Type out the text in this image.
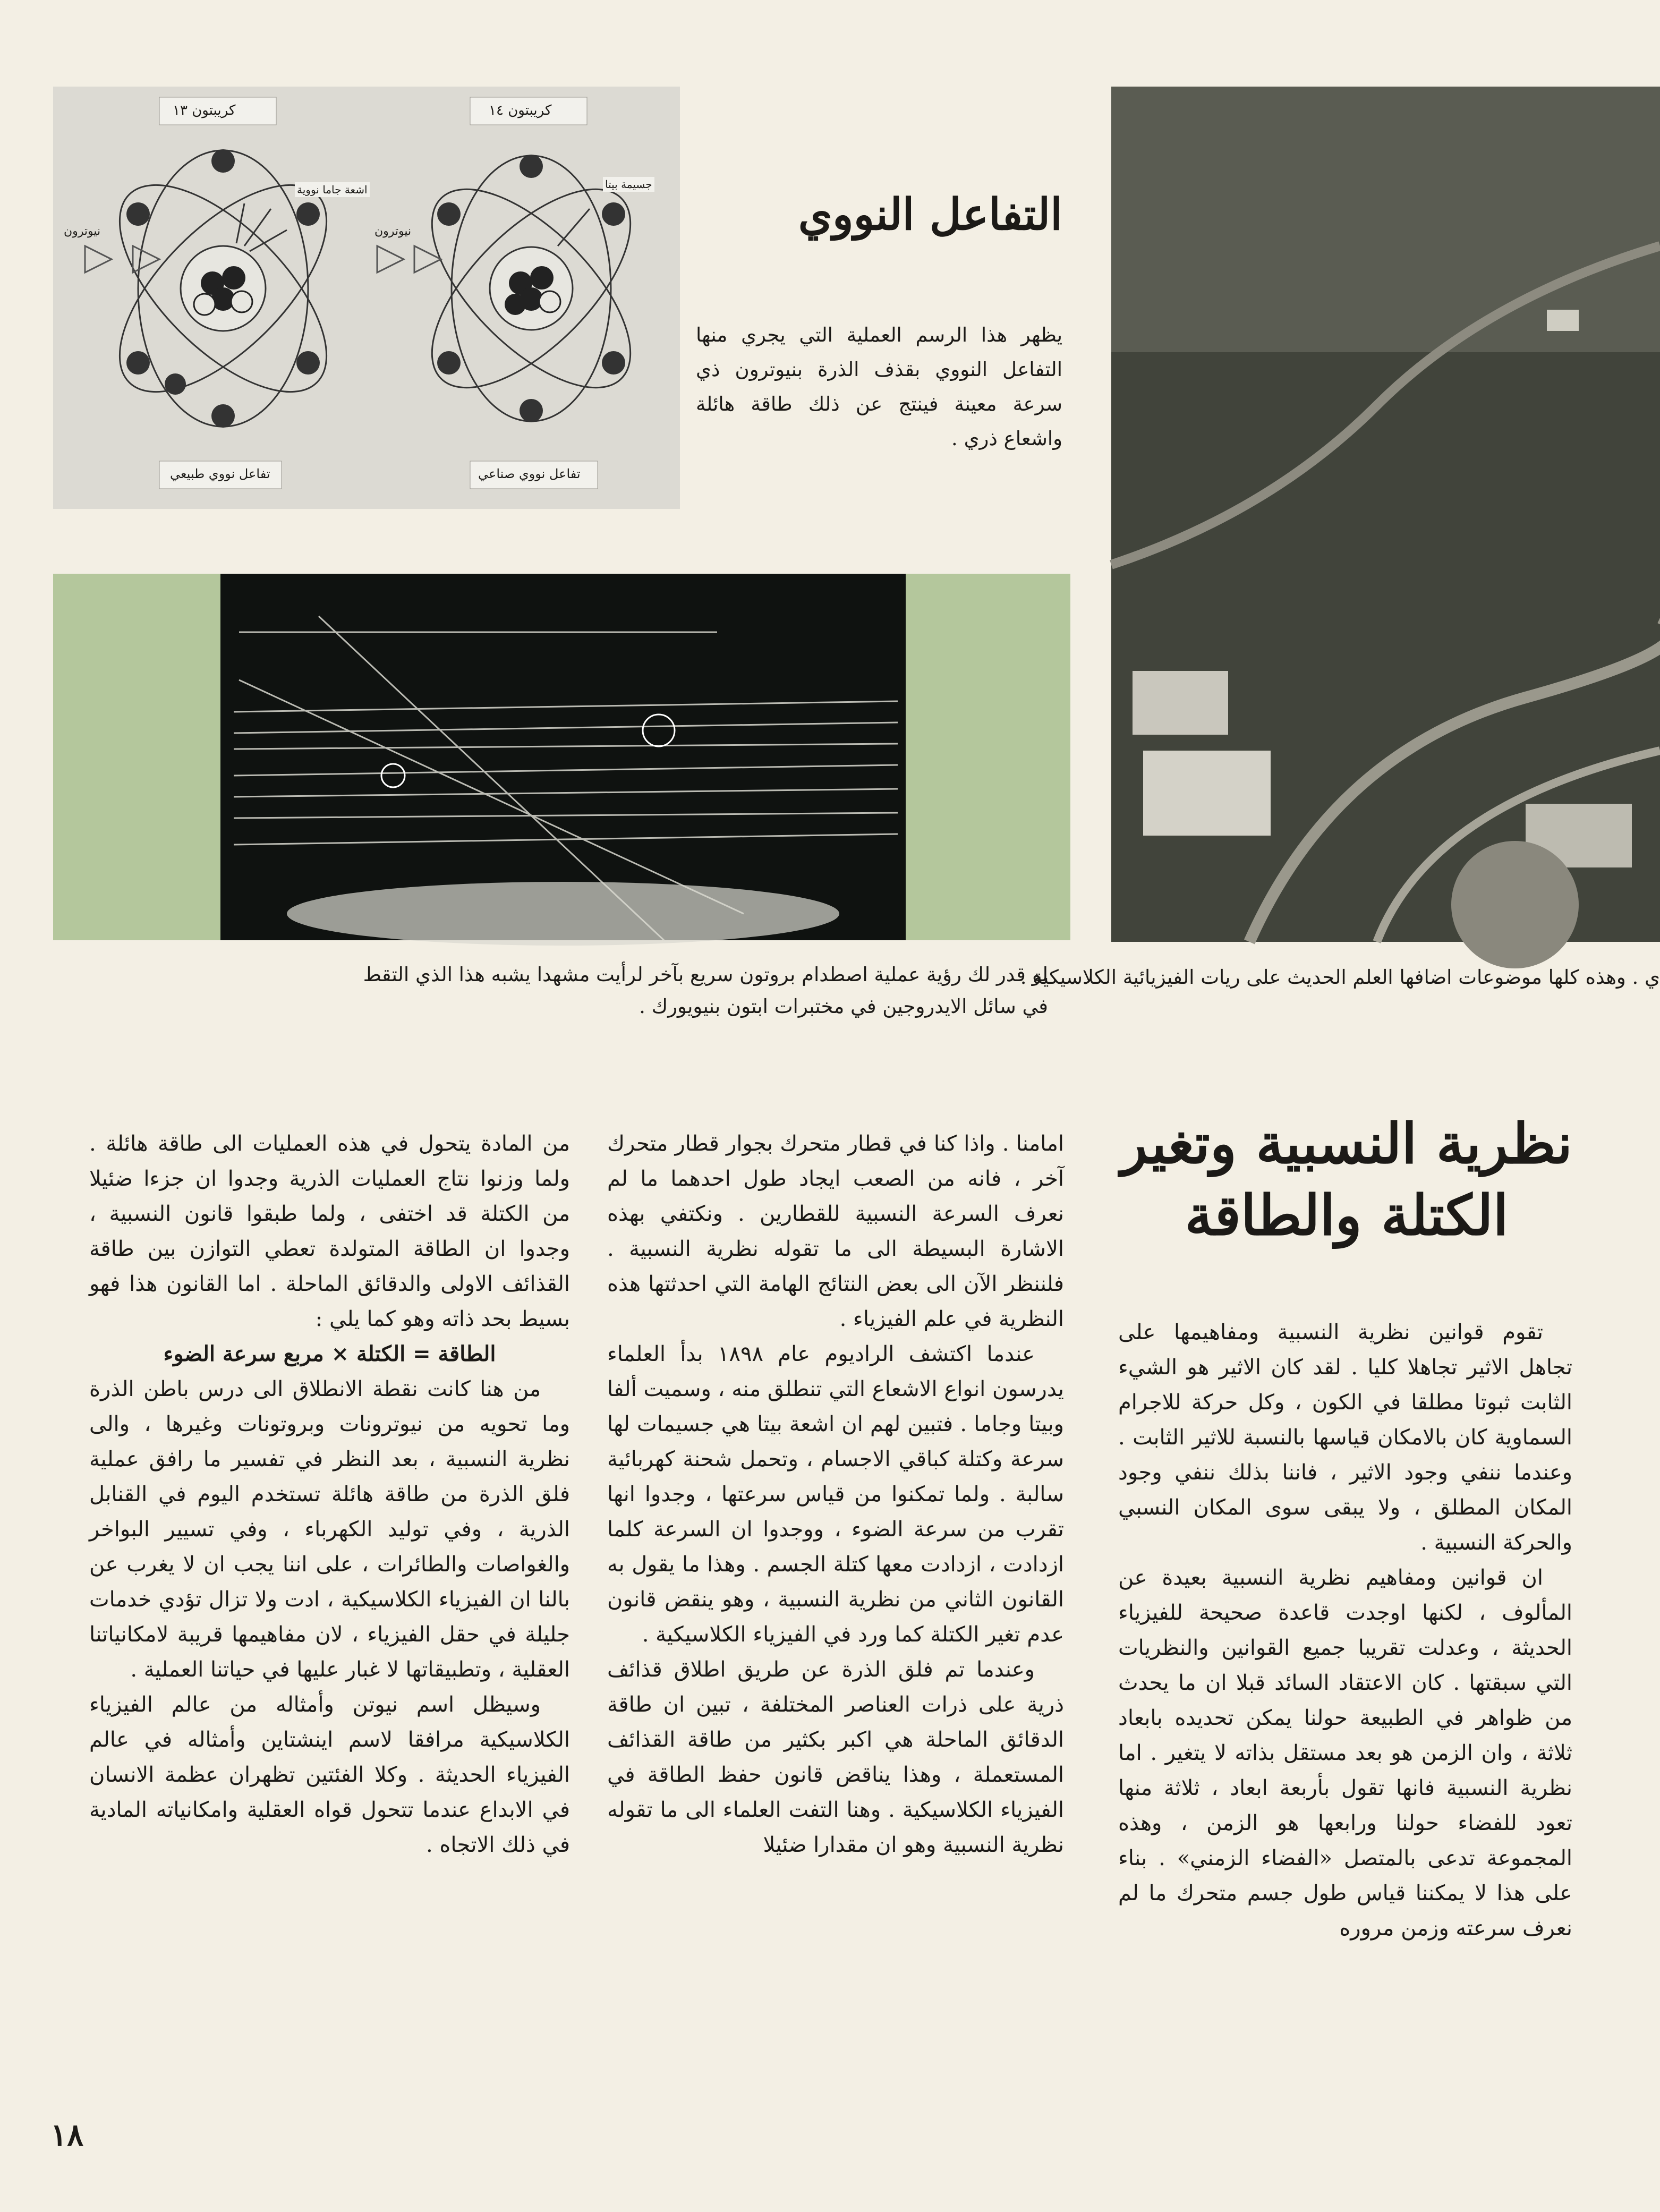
كريبتون ١٣	كريبتون ١٤
نيوترون	نيوترون
اشعة جاما نووية	جسيمة بيتا
تفاعل نووي طبيعي	تفاعل نووي صناعي
التفاعل النووي
يظهر هذا الرسم العملية التي يجري منها التفاعل النووي بقذف الذرة بنيوترون ذي سرعة معينة فينتج عن ذلك طاقة هائلة واشعاع ذري .
لو قدر لك رؤية عملية اصطدام بروتون سريع بآخر لرأيت مشهدا يشبه هذا الذي التقط في سائل الايدروجين في مختبرات ابتون بنيويورك .
ي . وهذه كلها موضوعات اضافها العلم الحديث على ريات الفيزيائية الكلاسيكية .
نظرية النسبية وتغير
الكتلة والطاقة

تقوم قوانين نظرية النسبية ومفاهيمها على تجاهل الاثير تجاهلا كليا . لقد كان الاثير هو الشيء الثابت ثبوتا مطلقا في الكون ، وكل حركة للاجرام السماوية كان بالامكان قياسها بالنسبة للاثير الثابت . وعندما ننفي وجود الاثير ، فاننا بذلك ننفي وجود المكان المطلق ، ولا يبقى سوى المكان النسبي والحركة النسبية .

ان قوانين ومفاهيم نظرية النسبية بعيدة عن المألوف ، لكنها اوجدت قاعدة صحيحة للفيزياء الحديثة ، وعدلت تقريبا جميع القوانين والنظريات التي سبقتها . كان الاعتقاد السائد قبلا ان ما يحدث من ظواهر في الطبيعة حولنا يمكن تحديده بابعاد ثلاثة ، وان الزمن هو بعد مستقل بذاته لا يتغير . اما نظرية النسبية فانها تقول بأربعة ابعاد ، ثلاثة منها تعود للفضاء حولنا ورابعها هو الزمن ، وهذه المجموعة تدعى بالمتصل «الفضاء الزمني» . بناء على هذا لا يمكننا قياس طول جسم متحرك ما لم نعرف سرعته وزمن مروره

امامنا . واذا كنا في قطار متحرك بجوار قطار متحرك آخر ، فانه من الصعب ايجاد طول احدهما ما لم نعرف السرعة النسبية للقطارين . ونكتفي بهذه الاشارة البسيطة الى ما تقوله نظرية النسبية . فلننظر الآن الى بعض النتائج الهامة التي احدثتها هذه النظرية في علم الفيزياء .

عندما اكتشف الراديوم عام ١٨٩٨ بدأ العلماء يدرسون انواع الاشعاع التي تنطلق منه ، وسميت ألفا وبيتا وجاما . فتبين لهم ان اشعة بيتا هي جسيمات لها سرعة وكتلة كباقي الاجسام ، وتحمل شحنة كهربائية سالبة . ولما تمكنوا من قياس سرعتها ، وجدوا انها تقرب من سرعة الضوء ، ووجدوا ان السرعة كلما ازدادت ، ازدادت معها كتلة الجسم . وهذا ما يقول به القانون الثاني من نظرية النسبية ، وهو ينقض قانون عدم تغير الكتلة كما ورد في الفيزياء الكلاسيكية .

وعندما تم فلق الذرة عن طريق اطلاق قذائف ذرية على ذرات العناصر المختلفة ، تبين ان طاقة الدقائق الماحلة هي اكبر بكثير من طاقة القذائف المستعملة ، وهذا يناقض قانون حفظ الطاقة في الفيزياء الكلاسيكية . وهنا التفت العلماء الى ما تقوله نظرية النسبية وهو ان مقدارا ضئيلا

من المادة يتحول في هذه العمليات الى طاقة هائلة . ولما وزنوا نتاج العمليات الذرية وجدوا ان جزءا ضئيلا من الكتلة قد اختفى ، ولما طبقوا قانون النسبية ، وجدوا ان الطاقة المتولدة تعطي التوازن بين طاقة القذائف الاولى والدقائق الماحلة . اما القانون هذا فهو بسيط بحد ذاته وهو كما يلي :

الطاقة = الكتلة × مربع سرعة الضوء

من هنا كانت نقطة الانطلاق الى درس باطن الذرة وما تحويه من نيوترونات وبروتونات وغيرها ، والى نظرية النسبية ، بعد النظر في تفسير ما رافق عملية فلق الذرة من طاقة هائلة تستخدم اليوم في القنابل الذرية ، وفي توليد الكهرباء ، وفي تسيير البواخر والغواصات والطائرات ، على اننا يجب ان لا يغرب عن بالنا ان الفيزياء الكلاسيكية ، ادت ولا تزال تؤدي خدمات جليلة في حقل الفيزياء ، لان مفاهيمها قريبة لامكانياتنا العقلية ، وتطبيقاتها لا غبار عليها في حياتنا العملية .

وسيظل اسم نيوتن وأمثاله من عالم الفيزياء الكلاسيكية مرافقا لاسم اينشتاين وأمثاله في عالم الفيزياء الحديثة . وكلا الفئتين تظهران عظمة الانسان في الابداع عندما تتحول قواه العقلية وامكانياته المادية في ذلك الاتجاه .

١٨
